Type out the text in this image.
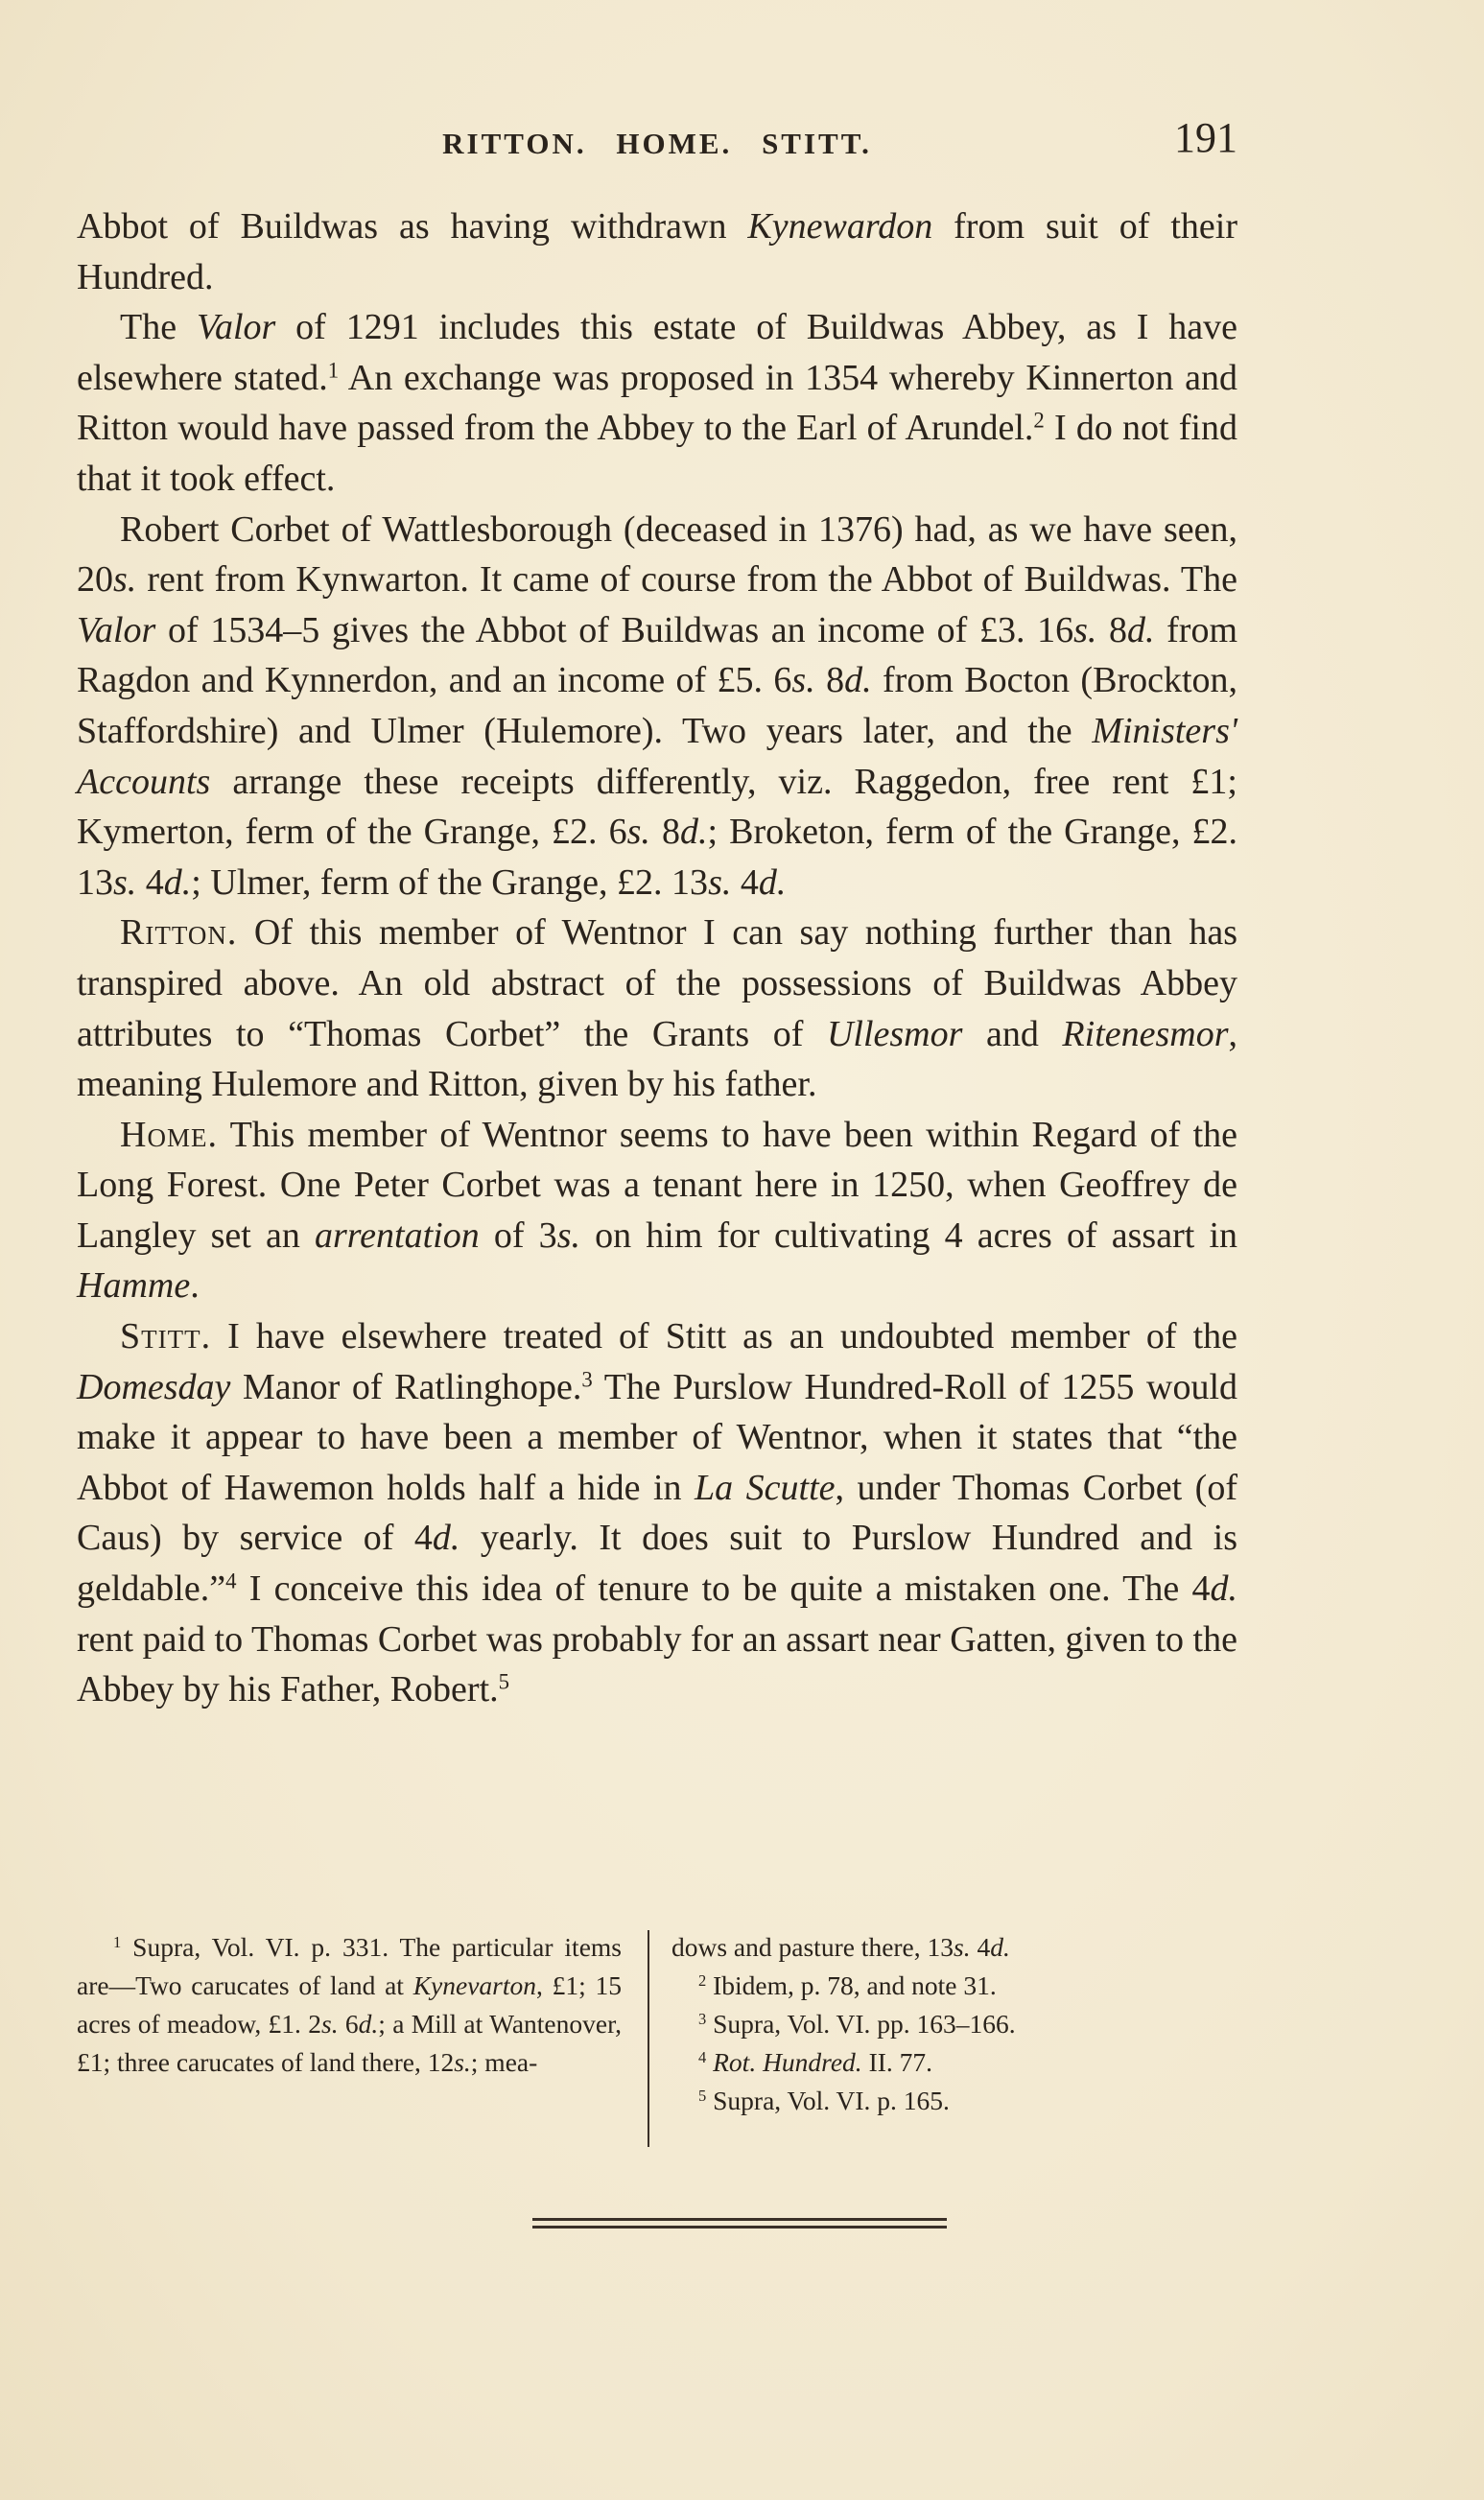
RITTON. HOME. STITT.	191

Abbot of Buildwas as having withdrawn Kynewardon from suit of their Hundred.

The Valor of 1291 includes this estate of Buildwas Abbey, as I have elsewhere stated.$^1$ An exchange was proposed in 1354 whereby Kinnerton and Ritton would have passed from the Abbey to the Earl of Arundel.$^2$ I do not find that it took effect.

Robert Corbet of Wattlesborough (deceased in 1376) had, as we have seen, 20s. rent from Kynwarton. It came of course from the Abbot of Buildwas. The Valor of 1534–5 gives the Abbot of Buildwas an income of £3. 16s. 8d. from Ragdon and Kynnerdon, and an income of £5. 6s. 8d. from Bocton (Brockton, Staffordshire) and Ulmer (Hulemore). Two years later, and the Ministers' Accounts arrange these receipts differently, viz. Raggedon, free rent £1; Kymerton, ferm of the Grange, £2. 6s. 8d.; Broketon, ferm of the Grange, £2. 13s. 4d.; Ulmer, ferm of the Grange, £2. 13s. 4d.

Ritton. Of this member of Wentnor I can say nothing further than has transpired above. An old abstract of the possessions of Buildwas Abbey attributes to “Thomas Corbet” the Grants of Ullesmor and Ritenesmor, meaning Hulemore and Ritton, given by his father.

Home. This member of Wentnor seems to have been within Regard of the Long Forest. One Peter Corbet was a tenant here in 1250, when Geoffrey de Langley set an arrentation of 3s. on him for cultivating 4 acres of assart in Hamme.

Stitt. I have elsewhere treated of Stitt as an undoubted member of the Domesday Manor of Ratlinghope.$^3$ The Purslow Hundred-Roll of 1255 would make it appear to have been a member of Wentnor, when it states that “the Abbot of Hawemon holds half a hide in La Scutte, under Thomas Corbet (of Caus) by service of 4d. yearly. It does suit to Purslow Hundred and is geldable.”$^4$ I conceive this idea of tenure to be quite a mistaken one. The 4d. rent paid to Thomas Corbet was probably for an assart near Gatten, given to the Abbey by his Father, Robert.$^5$

$^1$ Supra, Vol. VI. p. 331. The particular items are—Two carucates of land at Kynevarton, £1; 15 acres of meadow, £1. 2s. 6d.; a Mill at Wantenover, £1; three carucates of land there, 12s.; mea-
dows and pasture there, 13s. 4d.
$^2$ Ibidem, p. 78, and note 31.
$^3$ Supra, Vol. VI. pp. 163–166.
$^4$ Rot. Hundred. II. 77.
$^5$ Supra, Vol. VI. p. 165.
